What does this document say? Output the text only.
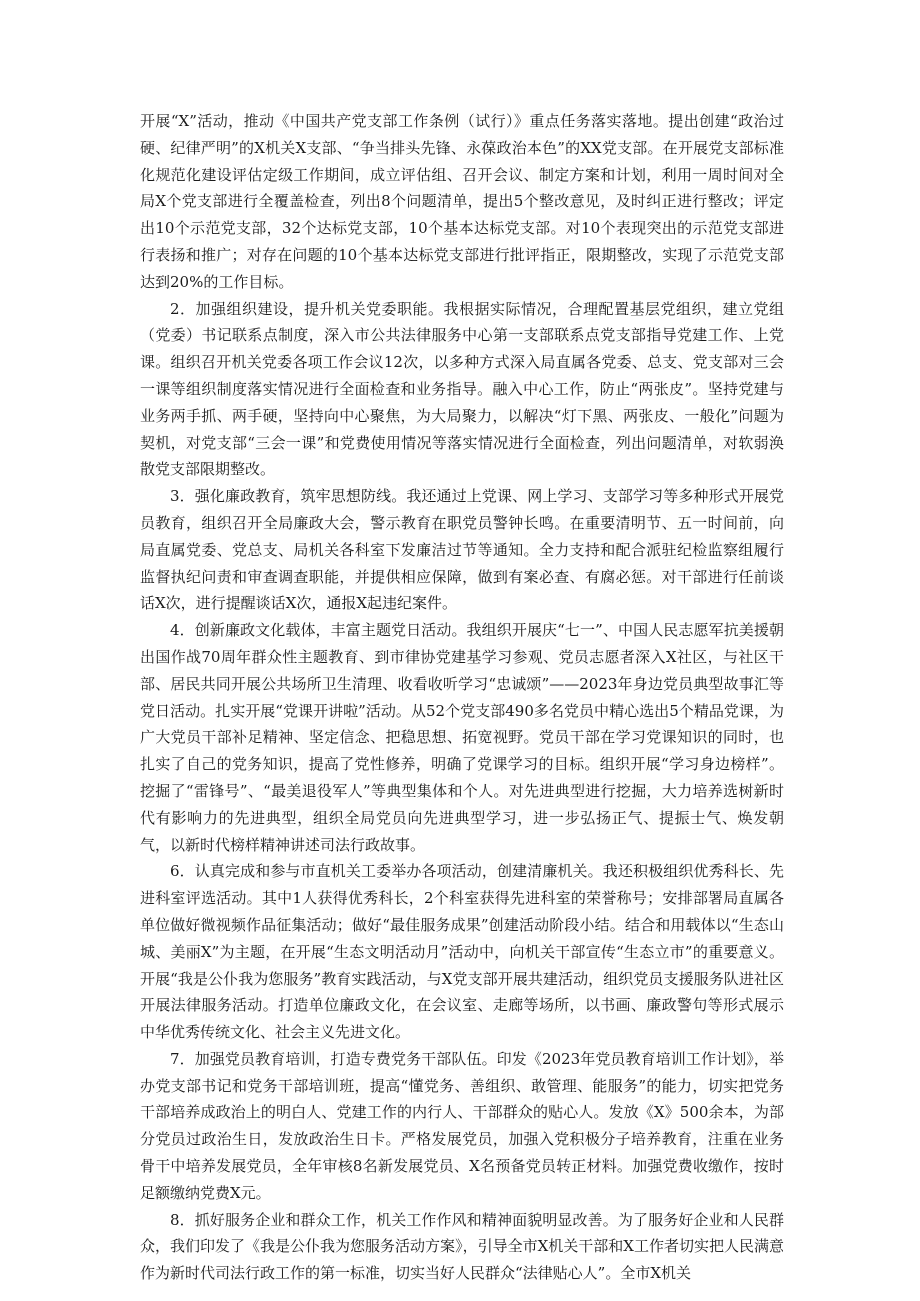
开展“X”活动，推动《中国共产党支部工作条例（试行）》重点任务落实落地。提出创建“政治过硬、纪律严明”的X机关X支部、“争当排头先锋、永葆政治本色”的XX党支部。在开展党支部标准化规范化建设评估定级工作期间，成立评估组、召开会议、制定方案和计划，利用一周时间对全局X个党支部进行全覆盖检查，列出8个问题清单，提出5个整改意见，及时纠正进行整改；评定出10个示范党支部，32个达标党支部，10个基本达标党支部。对10个表现突出的示范党支部进行表扬和推广；对存在问题的10个基本达标党支部进行批评指正，限期整改，实现了示范党支部达到20%的工作目标。

2．加强组织建设，提升机关党委职能。我根据实际情况，合理配置基层党组织，建立党组（党委）书记联系点制度，深入市公共法律服务中心第一支部联系点党支部指导党建工作、上党课。组织召开机关党委各项工作会议12次，以多种方式深入局直属各党委、总支、党支部对三会一课等组织制度落实情况进行全面检查和业务指导。融入中心工作，防止“两张皮”。坚持党建与业务两手抓、两手硬，坚持向中心聚焦，为大局聚力，以解决“灯下黑、两张皮、一般化”问题为契机，对党支部“三会一课”和党费使用情况等落实情况进行全面检查，列出问题清单，对软弱涣散党支部限期整改。

3．强化廉政教育，筑牢思想防线。我还通过上党课、网上学习、支部学习等多种形式开展党员教育，组织召开全局廉政大会，警示教育在职党员警钟长鸣。在重要清明节、五一时间前，向局直属党委、党总支、局机关各科室下发廉洁过节等通知。全力支持和配合派驻纪检监察组履行监督执纪问责和审查调查职能，并提供相应保障，做到有案必查、有腐必惩。对干部进行任前谈话X次，进行提醒谈话X次，通报X起违纪案件。

4．创新廉政文化载体，丰富主题党日活动。我组织开展庆“七一”、中国人民志愿军抗美援朝出国作战70周年群众性主题教育、到市律协党建基学习参观、党员志愿者深入X社区，与社区干部、居民共同开展公共场所卫生清理、收看收听学习“忠诚颂”——2023年身边党员典型故事汇等党日活动。扎实开展“党课开讲啦”活动。从52个党支部490多名党员中精心选出5个精品党课，为广大党员干部补足精神、坚定信念、把稳思想、拓宽视野。党员干部在学习党课知识的同时，也扎实了自己的党务知识，提高了党性修养，明确了党课学习的目标。组织开展“学习身边榜样”。挖掘了“雷锋号”、“最美退役军人”等典型集体和个人。对先进典型进行挖掘，大力培养选树新时代有影响力的先进典型，组织全局党员向先进典型学习，进一步弘扬正气、提振士气、焕发朝气，以新时代榜样精神讲述司法行政故事。

6．认真完成和参与市直机关工委举办各项活动，创建清廉机关。我还积极组织优秀科长、先进科室评选活动。其中1人获得优秀科长，2个科室获得先进科室的荣誉称号；安排部署局直属各单位做好微视频作品征集活动；做好“最佳服务成果”创建活动阶段小结。结合和用载体以“生态山城、美丽X”为主题，在开展“生态文明活动月”活动中，向机关干部宣传“生态立市”的重要意义。开展“我是公仆我为您服务”教育实践活动，与X党支部开展共建活动，组织党员支援服务队进社区开展法律服务活动。打造单位廉政文化，在会议室、走廊等场所，以书画、廉政警句等形式展示中华优秀传统文化、社会主义先进文化。

7．加强党员教育培训，打造专费党务干部队伍。印发《2023年党员教育培训工作计划》，举办党支部书记和党务干部培训班，提高“懂党务、善组织、敢管理、能服务”的能力，切实把党务干部培养成政治上的明白人、党建工作的内行人、干部群众的贴心人。发放《X》500余本，为部分党员过政治生日，发放政治生日卡。严格发展党员，加强入党积极分子培养教育，注重在业务骨干中培养发展党员，全年审核8名新发展党员、X名预备党员转正材料。加强党费收缴作，按时足额缴纳党费X元。

8．抓好服务企业和群众工作，机关工作作风和精神面貌明显改善。为了服务好企业和人民群众，我们印发了《我是公仆我为您服务活动方案》，引导全市X机关干部和X工作者切实把人民满意作为新时代司法行政工作的第一标准，切实当好人民群众“法律贴心人”。全市X机关
